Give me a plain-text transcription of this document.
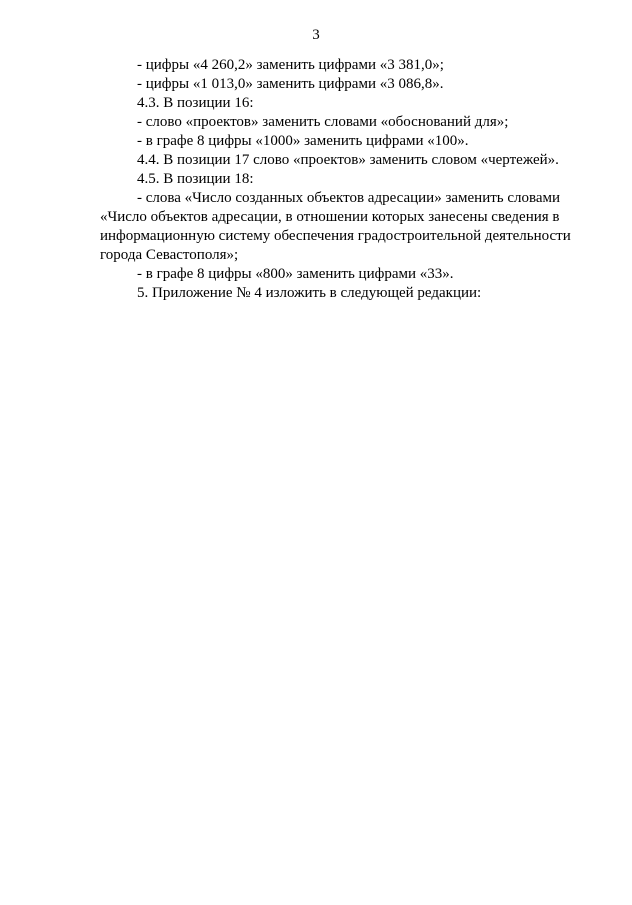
3

- цифры «4 260,2» заменить цифрами «3 381,0»;

- цифры «1 013,0» заменить цифрами «3 086,8».

4.3. В позиции 16:

- слово «проектов» заменить словами «обоснований для»;

- в графе 8 цифры «1000» заменить цифрами «100».

4.4. В позиции 17 слово «проектов» заменить словом «чертежей».

4.5. В позиции 18:

- слова «Число созданных объектов адресации» заменить словами «Число объектов адресации, в отношении которых занесены сведения в информационную систему обеспечения градостроительной деятельности города Севастополя»;

- в графе 8 цифры «800» заменить цифрами «33».

5. Приложение № 4 изложить в следующей редакции:
